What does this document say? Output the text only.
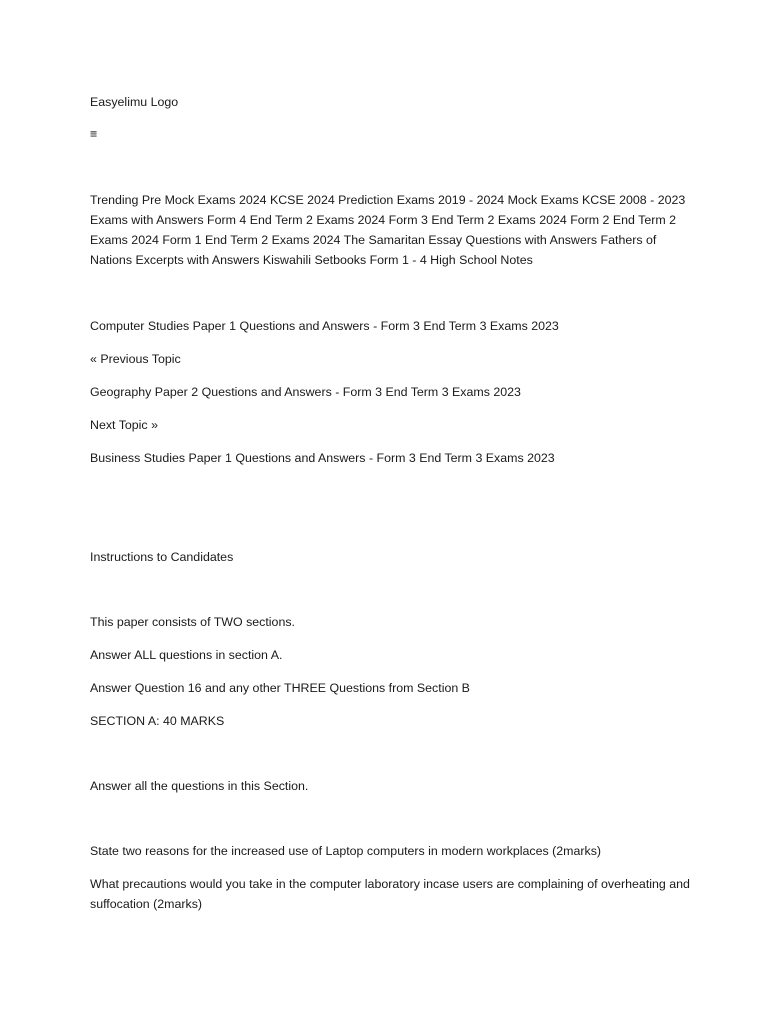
Easyelimu Logo

≡

Trending Pre Mock Exams 2024 KCSE 2024 Prediction Exams 2019 - 2024 Mock Exams KCSE 2008 - 2023 Exams with Answers Form 4 End Term 2 Exams 2024 Form 3 End Term 2 Exams 2024 Form 2 End Term 2 Exams 2024 Form 1 End Term 2 Exams 2024 The Samaritan Essay Questions with Answers Fathers of Nations Excerpts with Answers Kiswahili Setbooks Form 1 - 4 High School Notes

Computer Studies Paper 1 Questions and Answers - Form 3 End Term 3 Exams 2023

« Previous Topic

Geography Paper 2 Questions and Answers - Form 3 End Term 3 Exams 2023

Next Topic »

Business Studies Paper 1 Questions and Answers - Form 3 End Term 3 Exams 2023

Instructions to Candidates

This paper consists of TWO sections.

Answer ALL questions in section A.

Answer Question 16 and any other THREE Questions from Section B

SECTION A: 40 MARKS

Answer all the questions in this Section.

State two reasons for the increased use of Laptop computers in modern workplaces (2marks)

What precautions would you take in the computer laboratory incase users are complaining of overheating and suffocation (2marks)
